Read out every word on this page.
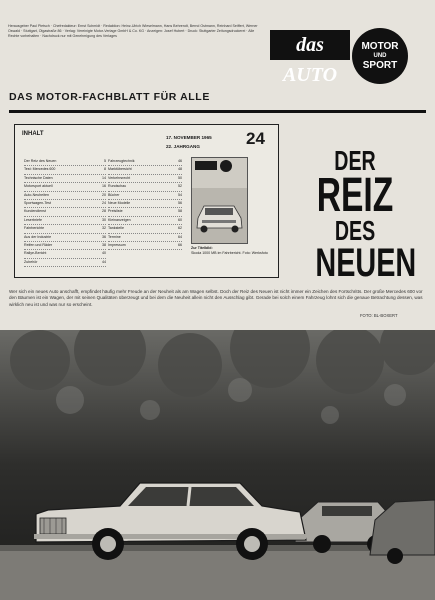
Herausgeber Paul Pietsch · Chefredakteur: Ernst Schmidt · Redaktion: Heinz-Ulrich Wieselmann, Hans Behrendt, Bernd Ostmann, Reinhard Seiffert, Werner Oswald · Stuttgart, Olgastraße 86 · Verlag: Vereinigte Motor-Verlage GmbH & Co. KG · Anzeigen: Josef Hubert · Druck: Stuttgarter Zeitungsdruckerei · Alle Rechte vorbehalten · Nachdruck nur mit Genehmigung des Verlages	das AUTO
MOTOR
UND
SPORT
DAS MOTOR-FACHBLATT FÜR ALLE
INHALT
17. NOVEMBER 1965
22. JAHRGANG	24
Der Reiz des Neuen	5
Test: Mercedes 600	8
Technische Daten	14
Motorsport aktuell	16
Auto-Neuheiten	20
Sportwagen-Test	24
Kundendienst	28
Leserbriefe	30
Fahrberichte	32
Aus der Industrie	36
Reifen und Räder	38
Rallye-Bericht	40
Zubehör	44
Fahrzeugtechnik	46
Marktübersicht	48
Verkehrsrecht	50
Rundschau	52
Bücher	54
Neue Modelle	56
Preisliste	58
Kleinanzeigen	60
Tankstelle	62
Termine	64
Impressum	66
Zur Titelbild:
Skoda 1000 MB im Fahrbericht. Foto: Werksfoto
DER
REIZ
DES
NEUEN
Wer sich ein neues Auto anschafft, empfindet häufig mehr Freude an der Neuheit als am Wagen selbst. Doch der Reiz des Neuen ist nicht immer ein Zeichen des Fortschritts. Der große Mercedes 600 vor den Bäumen ist ein Wagen, der mit seinen Qualitäten überzeugt und bei dem die Neuheit allein nicht den Ausschlag gibt. Gerade bei solch einem Fahrzeug lohnt sich die genaue Betrachtung dessen, was wirklich neu ist und was nur so erscheint.
FOTO: BL-BOXERT
